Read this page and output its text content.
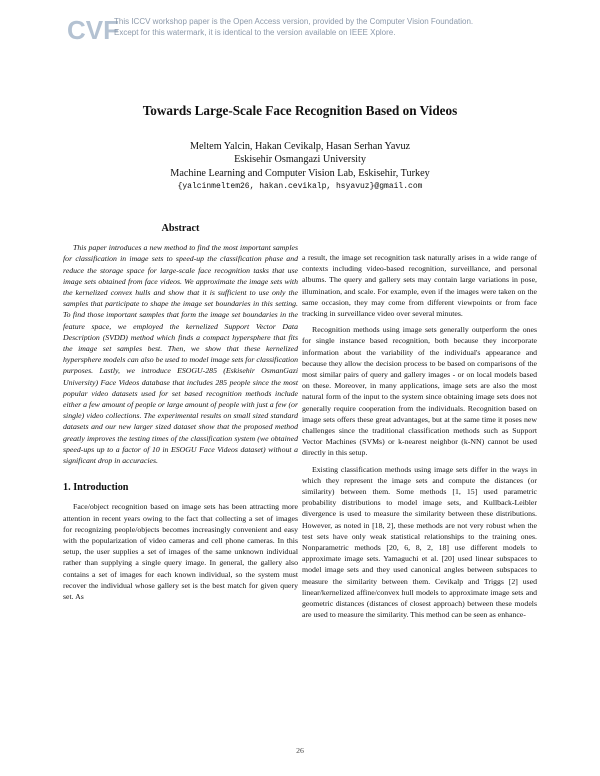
CVF
This ICCV workshop paper is the Open Access version, provided by the Computer Vision Foundation.
Except for this watermark, it is identical to the version available on IEEE Xplore.
Towards Large-Scale Face Recognition Based on Videos
Meltem Yalcin, Hakan Cevikalp, Hasan Serhan Yavuz
Eskisehir Osmangazi University
Machine Learning and Computer Vision Lab, Eskisehir, Turkey
{yalcinmeltem26, hakan.cevikalp, hsyavuz}@gmail.com
Abstract

This paper introduces a new method to find the most important samples for classification in image sets to speed-up the classification phase and reduce the storage space for large-scale face recognition tasks that use image sets obtained from face videos. We approximate the image sets with the kernelized convex hulls and show that it is sufficient to use only the samples that participate to shape the image set boundaries in this setting. To find those important samples that form the image set boundaries in the feature space, we employed the kernelized Support Vector Data Description (SVDD) method which finds a compact hypersphere that fits the image set samples best. Then, we show that these kernelized hypersphere models can also be used to model image sets for classification purposes. Lastly, we introduce ESOGU-285 (Eskisehir OsmanGazi University) Face Videos database that includes 285 people since the most popular video datasets used for set based recognition methods include either a few amount of people or large amount of people with just a few (or single) video collections. The experimental results on small sized standard datasets and our new larger sized dataset show that the proposed method greatly improves the testing times of the classification system (we obtained speed-ups up to a factor of 10 in ESOGU Face Videos dataset) without a significant drop in accuracies.

1. Introduction

Face/object recognition based on image sets has been attracting more attention in recent years owing to the fact that collecting a set of images for recognizing people/objects becomes increasingly convenient and easy with the popularization of video cameras and cell phone cameras. In this setup, the user supplies a set of images of the same unknown individual rather than supplying a single query image. In general, the gallery also contains a set of images for each known individual, so the system must recover the individual whose gallery set is the best match for given query set. As

a result, the image set recognition task naturally arises in a wide range of contexts including video-based recognition, surveillance, and personal albums. The query and gallery sets may contain large variations in pose, illumination, and scale. For example, even if the images were taken on the same occasion, they may come from different viewpoints or from face tracking in surveillance video over several minutes.

Recognition methods using image sets generally outperform the ones for single instance based recognition, both because they incorporate information about the variability of the individual's appearance and because they allow the decision process to be based on comparisons of the most similar pairs of query and gallery images - or on local models based on these. Moreover, in many applications, image sets are also the most natural form of the input to the system since obtaining image sets does not generally require cooperation from the individuals. Recognition based on image sets offers these great advantages, but at the same time it poses new challenges since the traditional classification methods such as Support Vector Machines (SVMs) or k-nearest neighbor (k-NN) cannot be used directly in this setup.

Existing classification methods using image sets differ in the ways in which they represent the image sets and compute the distances (or similarity) between them. Some methods [1, 15] used parametric probability distributions to model image sets, and Kullback-Leibler divergence is used to measure the similarity between these distributions. However, as noted in [18, 2], these methods are not very robust when the test sets have only weak statistical relationships to the training ones. Nonparametric methods [20, 6, 8, 2, 18] use different models to approximate image sets. Yamaguchi et al. [20] used linear subspaces to model image sets and they used canonical angles between subspaces to measure the similarity between them. Cevikalp and Triggs [2] used linear/kernelized affine/convex hull models to approximate image sets and geometric distances (distances of closest approach) between these models are used to measure the similarity. This method can be seen as enhance-

26
